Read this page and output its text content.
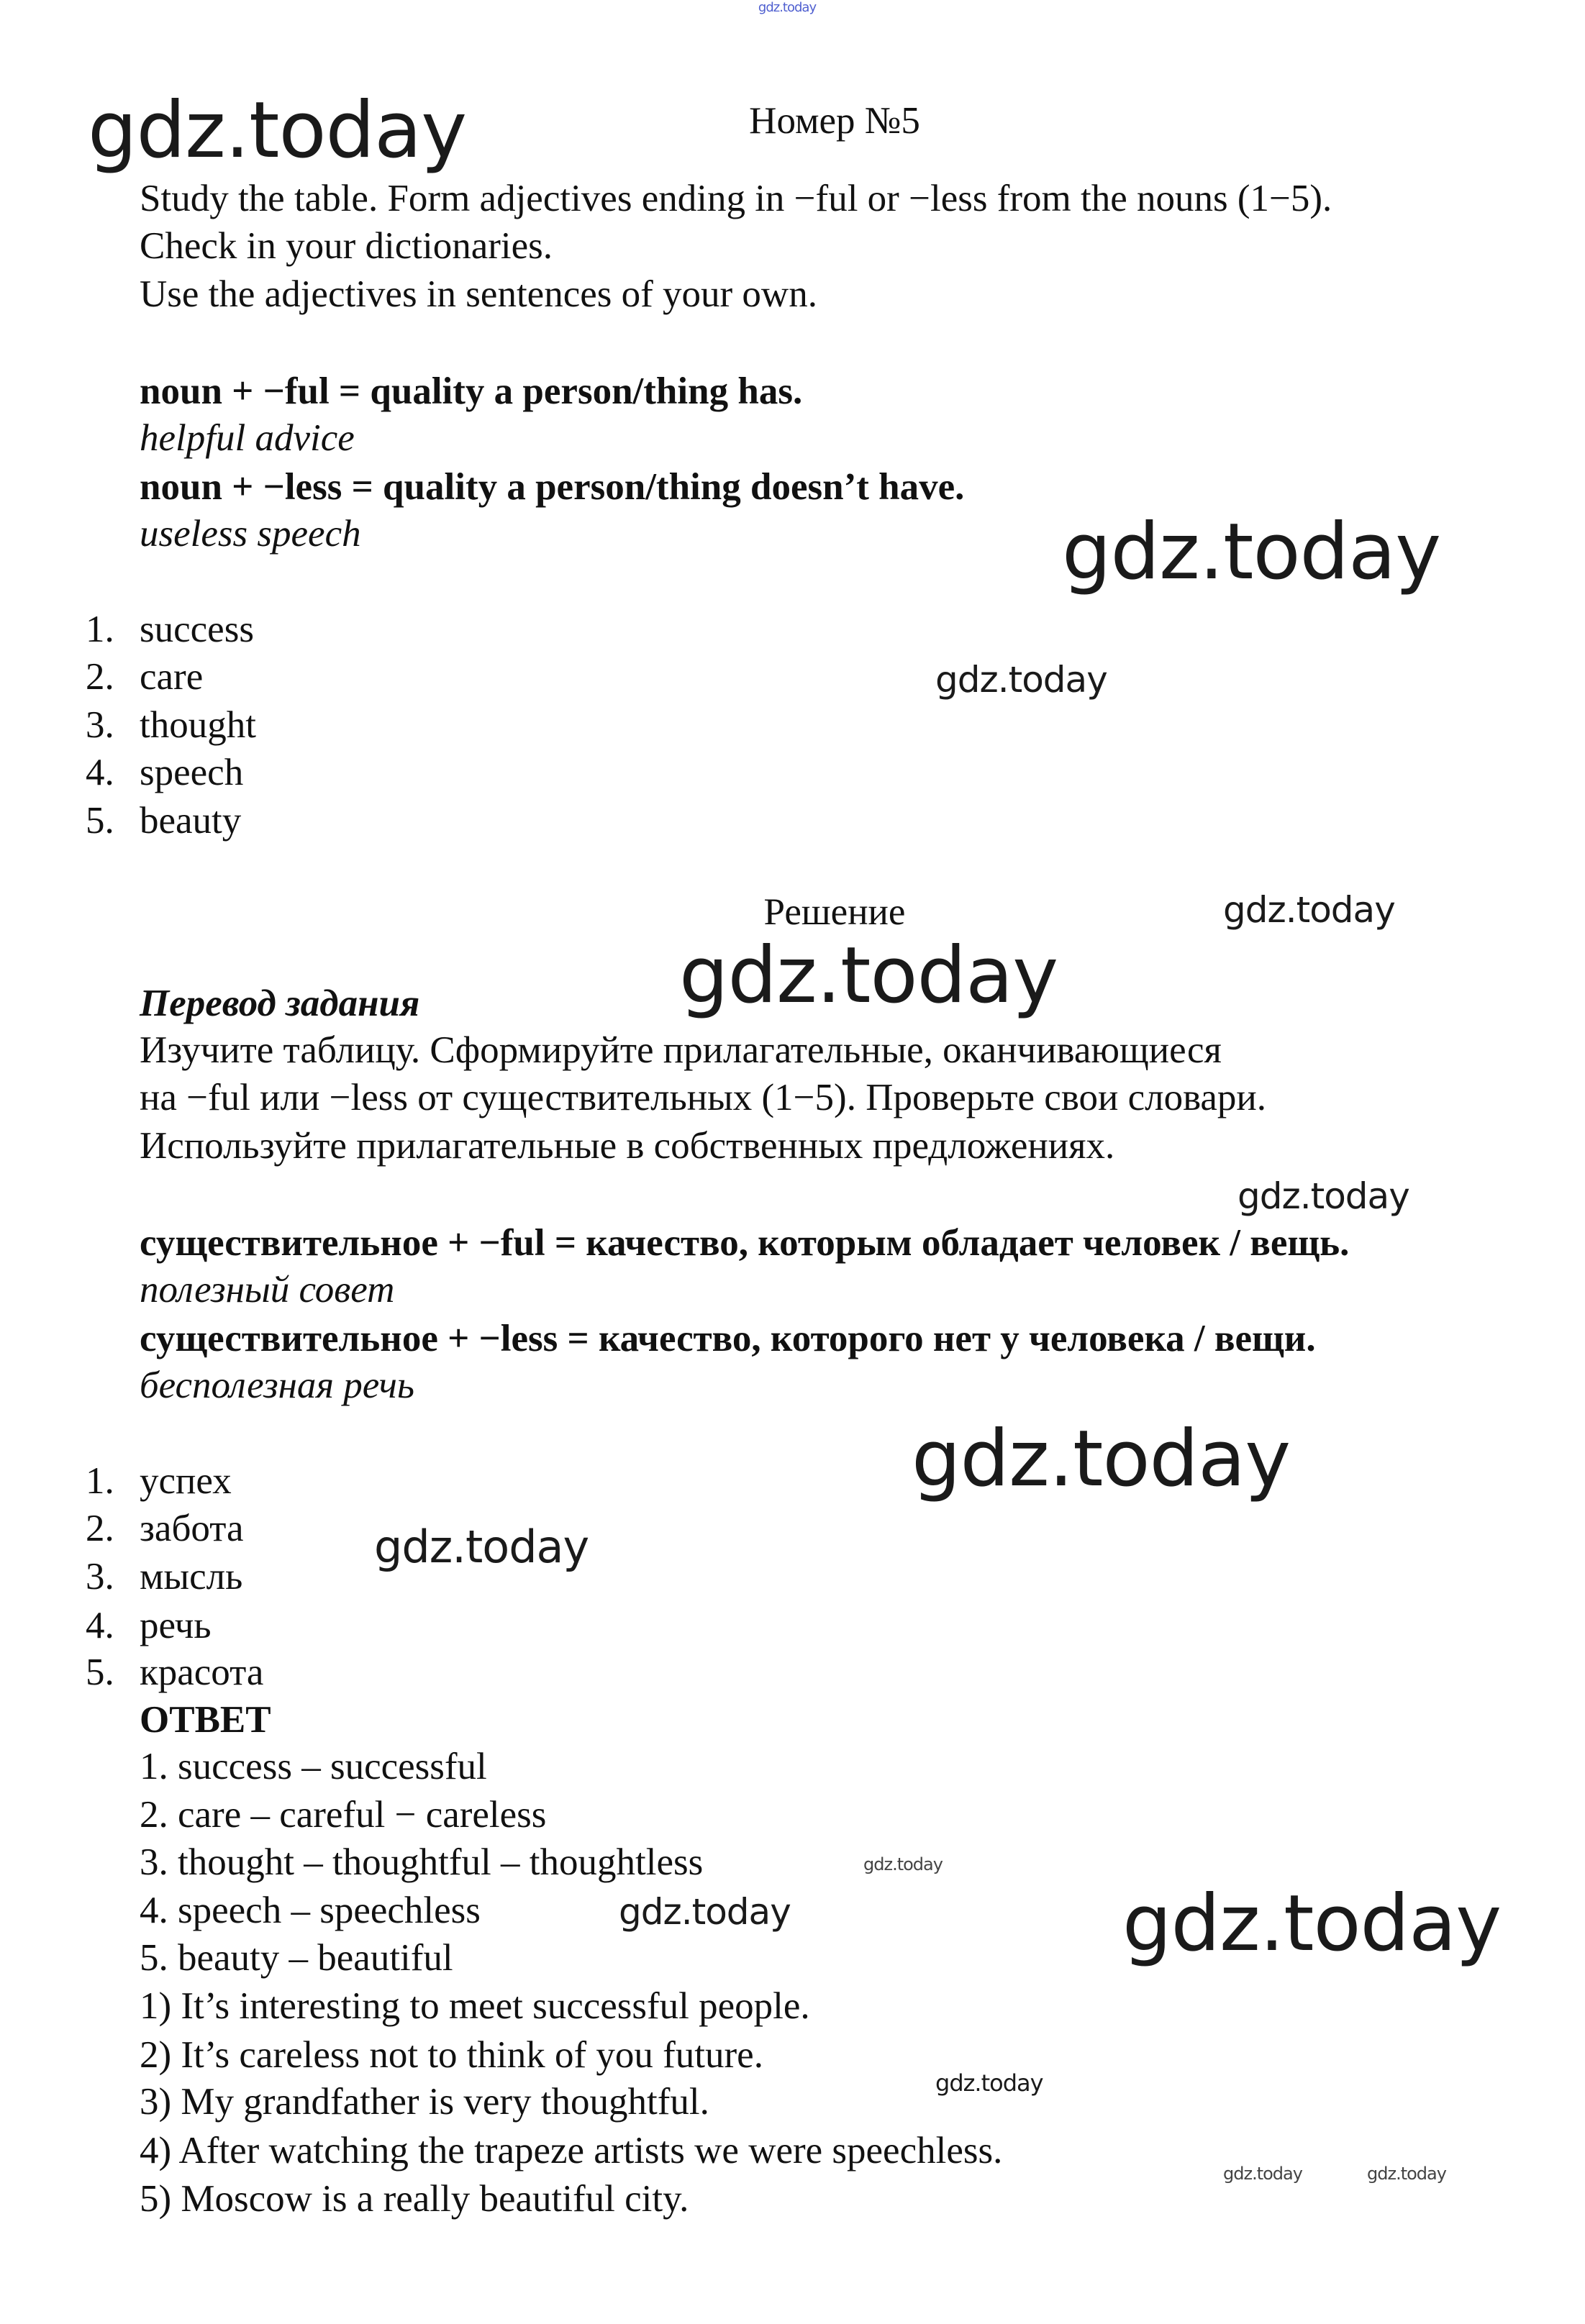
gdz.today
gdz.today
gdz.today
gdz.today
gdz.today
gdz.today
gdz.today
gdz.today
gdz.today
gdz.today
gdz.today	gdz.today
gdz.today
gdz.today	gdz.today
Номер №5
Study the table. Form adjectives ending in −ful or −less from the nouns (1−5).
Check in your dictionaries.
Use the adjectives in sentences of your own.
noun + −ful = quality a person/thing has.
helpful advice
noun + −less = quality a person/thing doesn’t have.
useless speech
1. success
2. care
3. thought
4. speech
5. beauty
Решение
Перевод задания
Изучите таблицу. Сформируйте прилагательные, оканчивающиеся
на −ful или −less от существительных (1−5). Проверьте свои словари.
Используйте прилагательные в собственных предложениях.
существительное + −ful = качество, которым обладает человек / вещь.
полезный совет
существительное + −less = качество, которого нет у человека / вещи.
бесполезная речь
1. успех
2. забота
3. мысль
4. речь
5. красота
ОТВЕТ
1. success – successful
2. care – careful − careless
3. thought – thoughtful – thoughtless
4. speech – speechless
5. beauty – beautiful
1) It’s interesting to meet successful people.
2) It’s careless not to think of you future.
3) My grandfather is very thoughtful.
4) After watching the trapeze artists we were speechless.
5) Moscow is a really beautiful city.
